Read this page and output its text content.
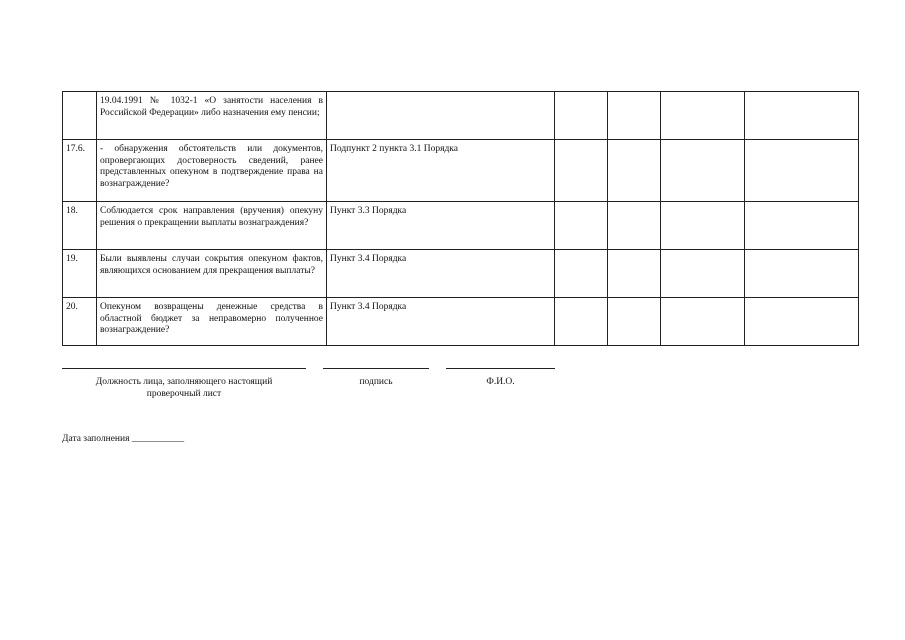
	19.04.1991 № 1032-1 «О занятости населения в Российской Федерации» либо назначения ему пенсии;					
17.6.	- обнаружения обстоятельств или документов, опровергающих достоверность сведений, ранее представленных опекуном в подтверждение права на вознаграждение?	Подпункт 2 пункта 3.1 Порядка				
18.	Соблюдается срок направления (вручения) опекуну решения о прекращении выплаты вознаграждения?	Пункт 3.3 Порядка				
19.	Были выявлены случаи сокрытия опекуном фактов, являющихся основанием для прекращения выплаты?	Пункт 3.4 Порядка				
20.	Опекуном возвращены денежные средства в областной бюджет за неправомерно полученное вознаграждение?	Пункт 3.4 Порядка				
Должность лица, заполняющего настоящий
проверочный лист
подпись	Ф.И.О.
Дата заполнения ___________
